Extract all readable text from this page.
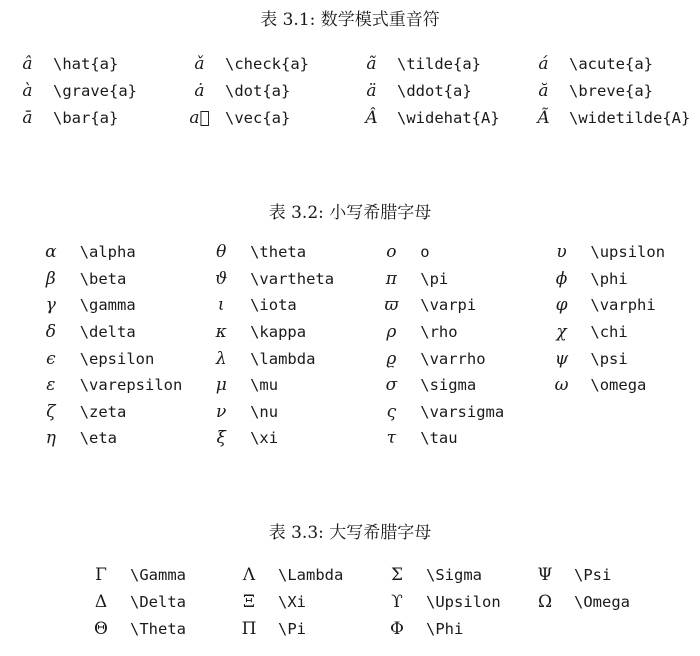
表 3.1: 数学模式重音符
â	\hat{a}	ǎ	\check{a}	ã	\tilde{a}	á	\acute{a}
à	\grave{a}	ȧ	\dot{a}	ä	\ddot{a}	ă	\breve{a}
ā	\bar{a}	a⃗	\vec{a}	Â	\widehat{A}	Ã	\widetilde{A}
表 3.2: 小写希腊字母
α	\alpha	θ	\theta	o	o	υ	\upsilon
β	\beta	ϑ	\vartheta	π	\pi	ϕ	\phi
γ	\gamma	ι	\iota	ϖ	\varpi	φ	\varphi
δ	\delta	κ	\kappa	ρ	\rho	χ	\chi
ϵ	\epsilon	λ	\lambda	ϱ	\varrho	ψ	\psi
ε	\varepsilon	μ	\mu	σ	\sigma	ω	\omega
ζ	\zeta	ν	\nu	ς	\varsigma		
η	\eta	ξ	\xi	τ	\tau		
表 3.3: 大写希腊字母
Γ	\Gamma	Λ	\Lambda	Σ	\Sigma	Ψ	\Psi
Δ	\Delta	Ξ	\Xi	ϒ	\Upsilon	Ω	\Omega
Θ	\Theta	Π	\Pi	Φ	\Phi		
